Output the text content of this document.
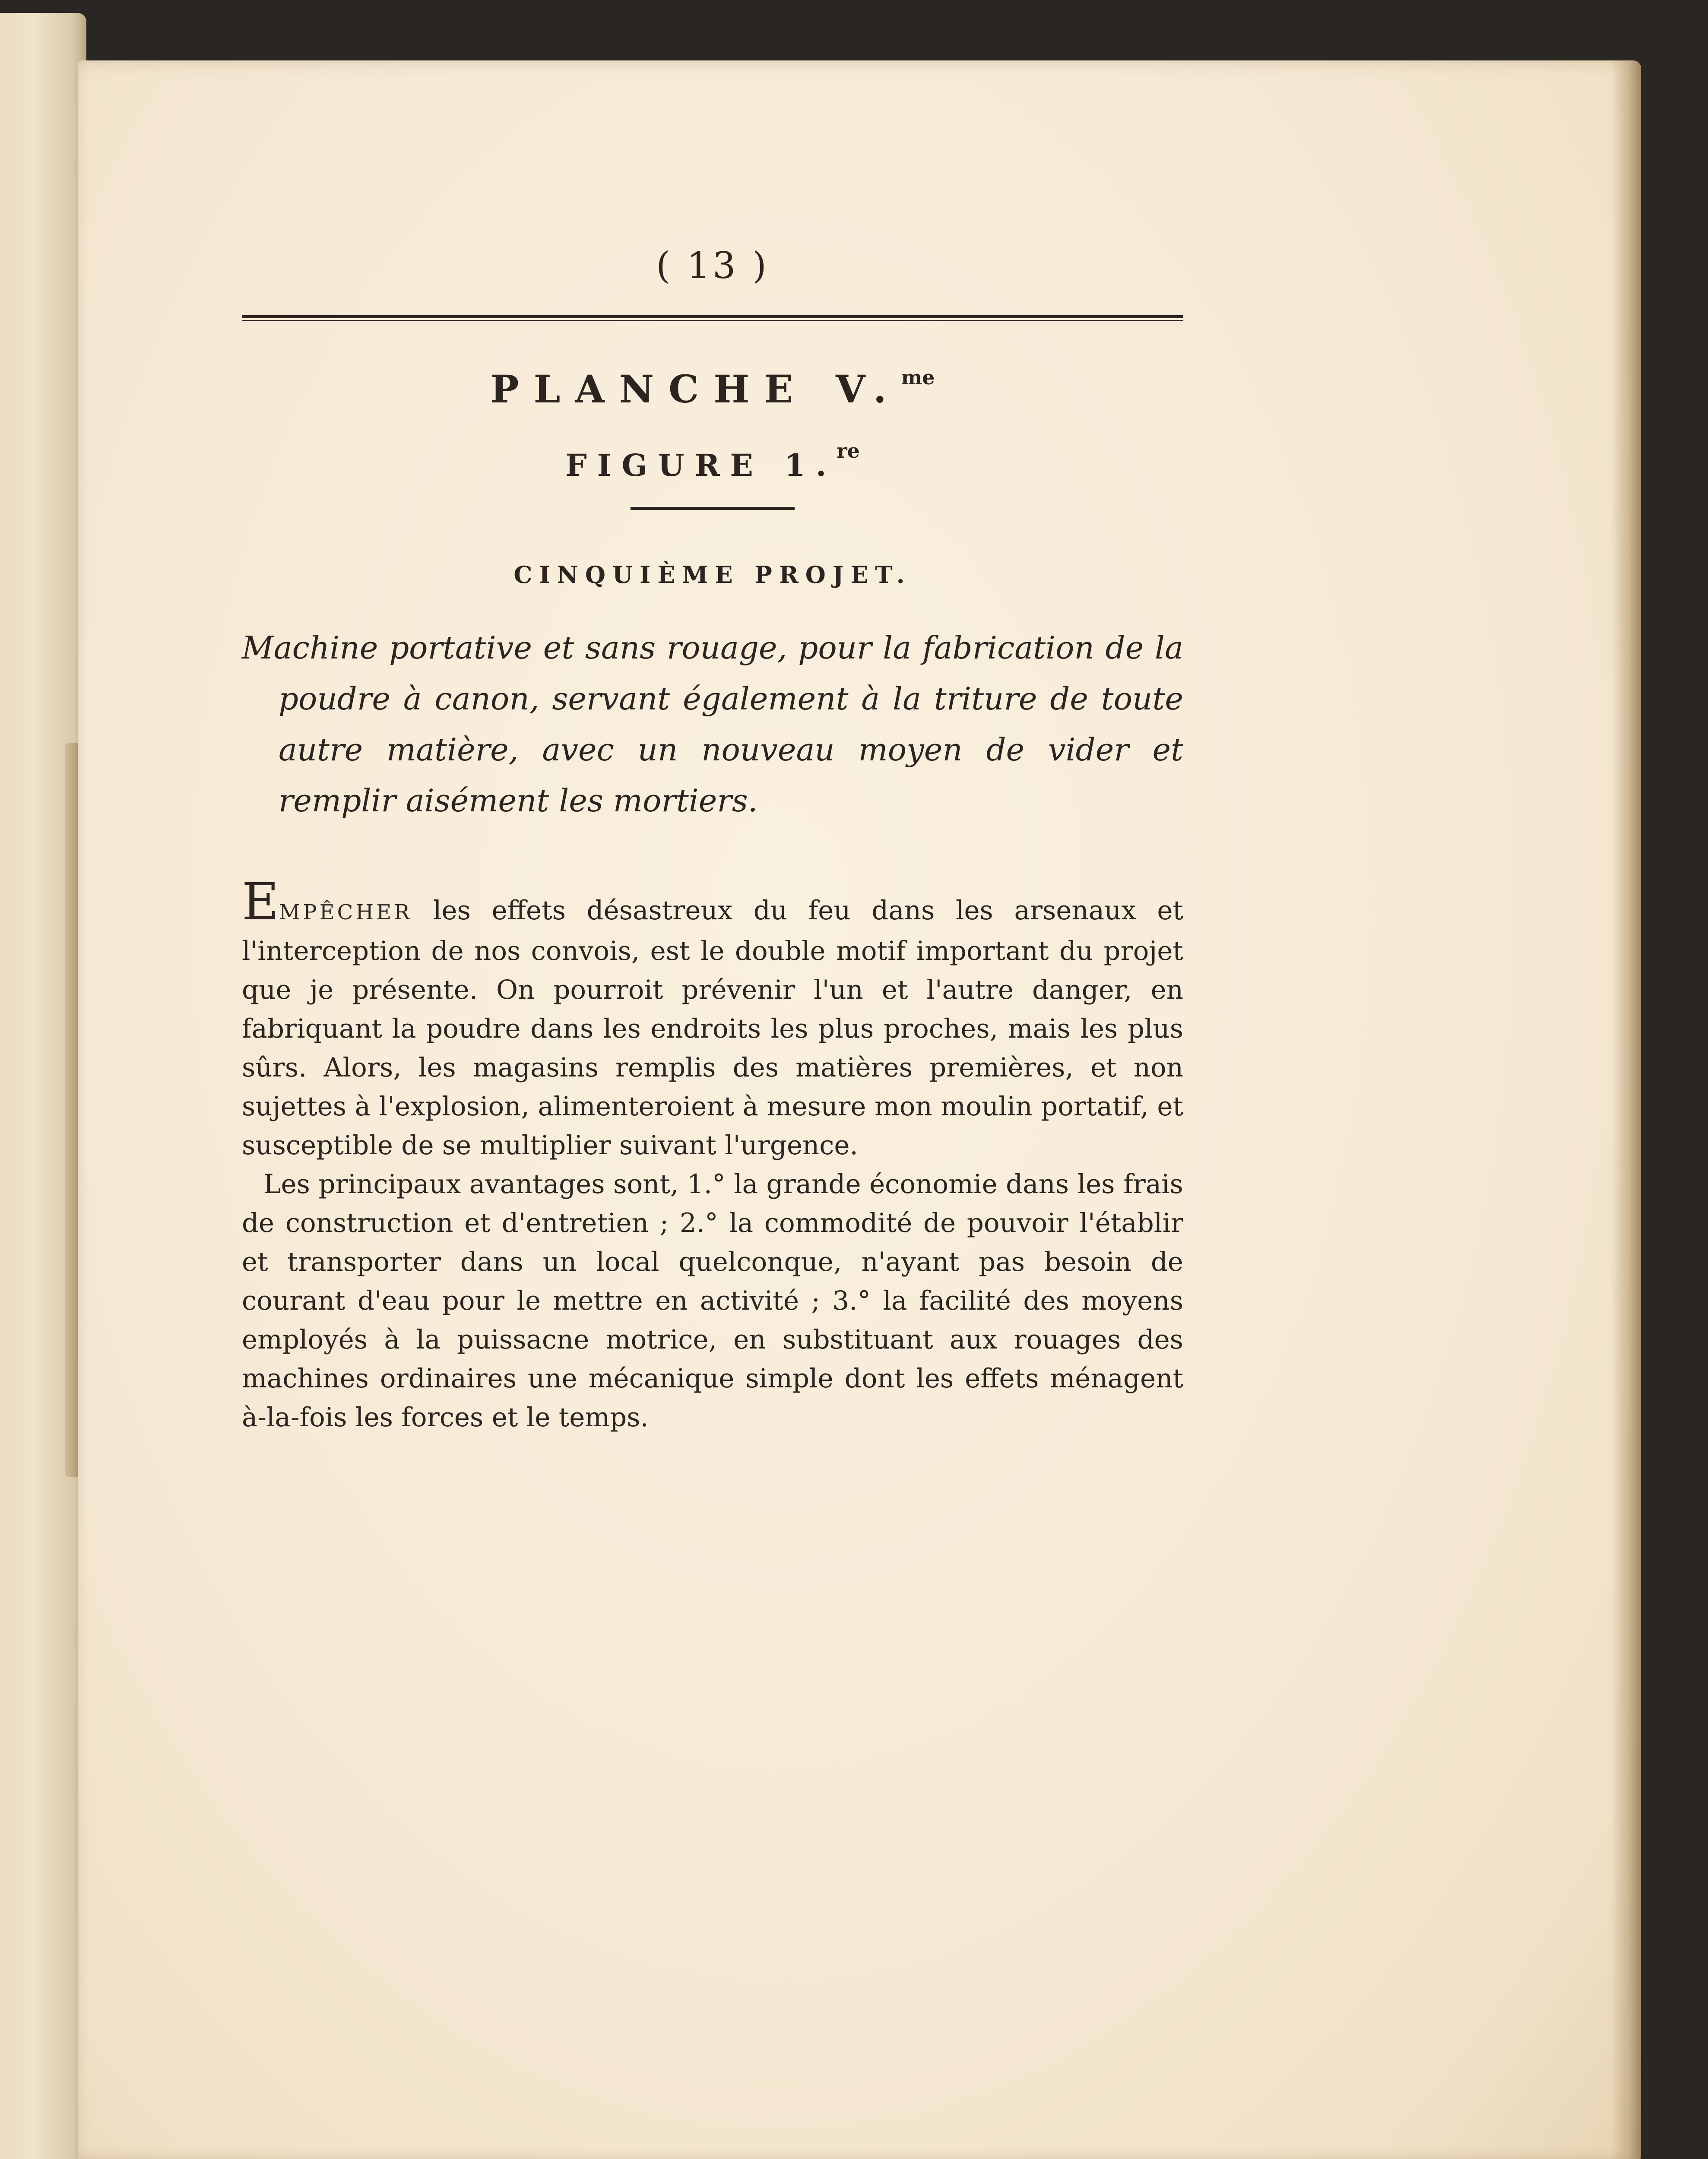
( 13 )
PLANCHE V.$^{me}$
FIGURE 1.$^{re}$
CINQUIÈME PROJET.
Machine portative et sans rouage, pour la fabrication de la poudre à canon, servant également à la triture de toute autre matière, avec un nouveau moyen de vider et remplir aisément les mortiers.

EMPÊCHER les effets désastreux du feu dans les arsenaux et l'interception de nos convois, est le double motif important du projet que je présente. On pourroit prévenir l'un et l'autre danger, en fabriquant la poudre dans les endroits les plus proches, mais les plus sûrs. Alors, les magasins remplis des matières premières, et non sujettes à l'explosion, alimenteroient à mesure mon moulin portatif, et susceptible de se multiplier suivant l'urgence.

Les principaux avantages sont, 1.° la grande économie dans les frais de construction et d'entretien ; 2.° la commodité de pouvoir l'établir et transporter dans un local quelconque, n'ayant pas besoin de courant d'eau pour le mettre en activité ; 3.° la facilité des moyens employés à la puissacne motrice, en substituant aux rouages des machines ordinaires une mécanique simple dont les effets ménagent à-la-fois les forces et le temps.
